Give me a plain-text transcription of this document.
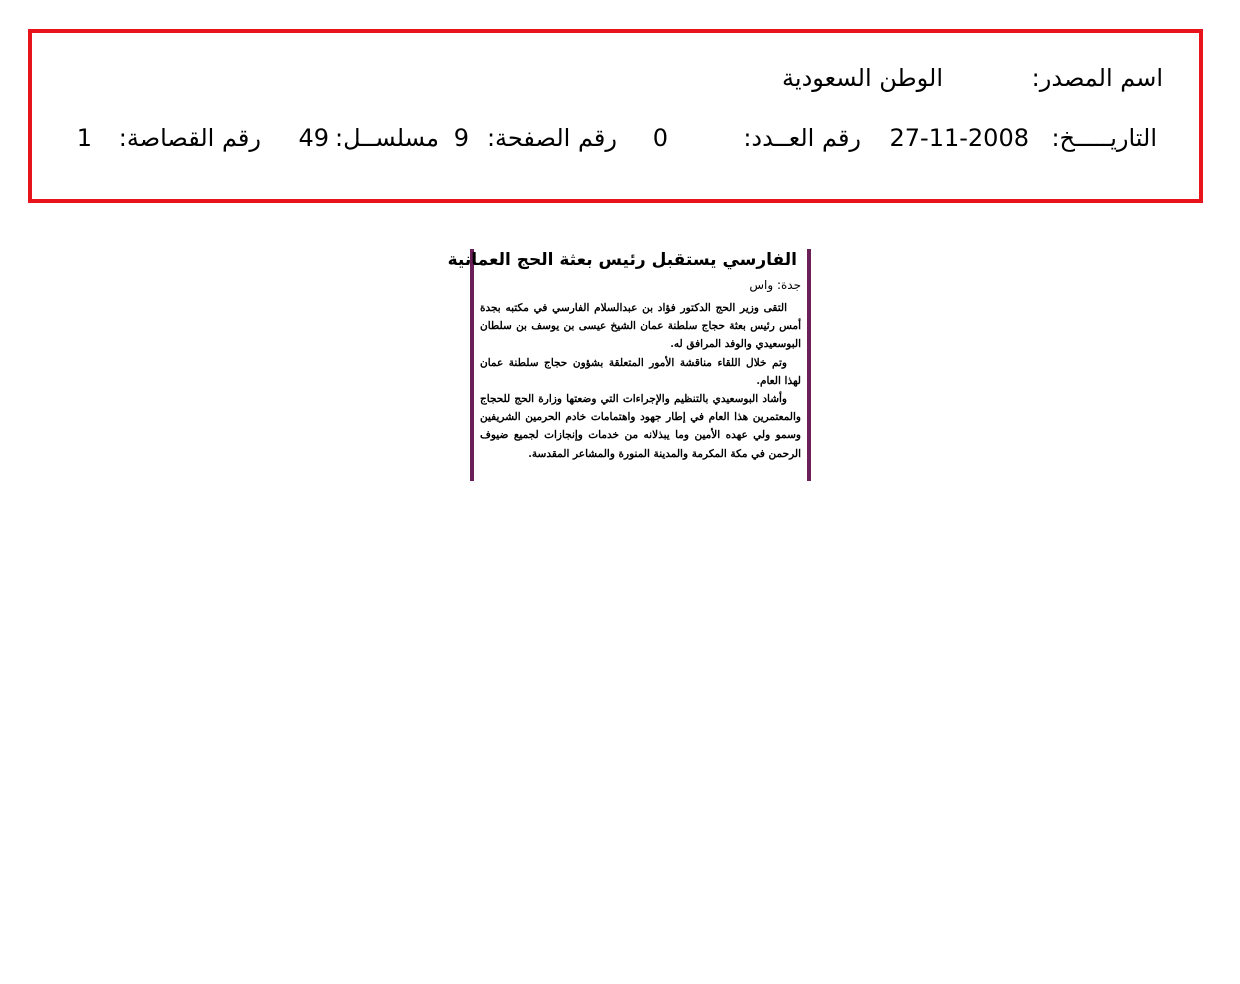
اسم المصدر:
الوطن السعودية
التاريـــــخ:
27-11-2008
رقم العــدد:
0
رقم الصفحة:
9
مسلســل:
49
رقم القصاصة:
1
الفارسي يستقبل رئيس بعثة الحج العمانية
جدة: واس

التقى وزير الحج الدكتور فؤاد بن عبدالسلام الفارسي في مكتبه بجدة أمس رئيس بعثة حجاج سلطنة عمان الشيخ عيسى بن يوسف بن سلطان البوسعيدي والوفد المرافق له.

وتم خلال اللقاء مناقشة الأمور المتعلقة بشؤون حجاج سلطنة عمان لهذا العام.

وأشاد البوسعيدي بالتنظيم والإجراءات التي وضعتها وزارة الحج للحجاج والمعتمرين هذا العام في إطار جهود واهتمامات خادم الحرمين الشريفين وسمو ولي عهده الأمين وما يبذلانه من خدمات وإنجازات لجميع ضيوف الرحمن في مكة المكرمة والمدينة المنورة والمشاعر المقدسة.
